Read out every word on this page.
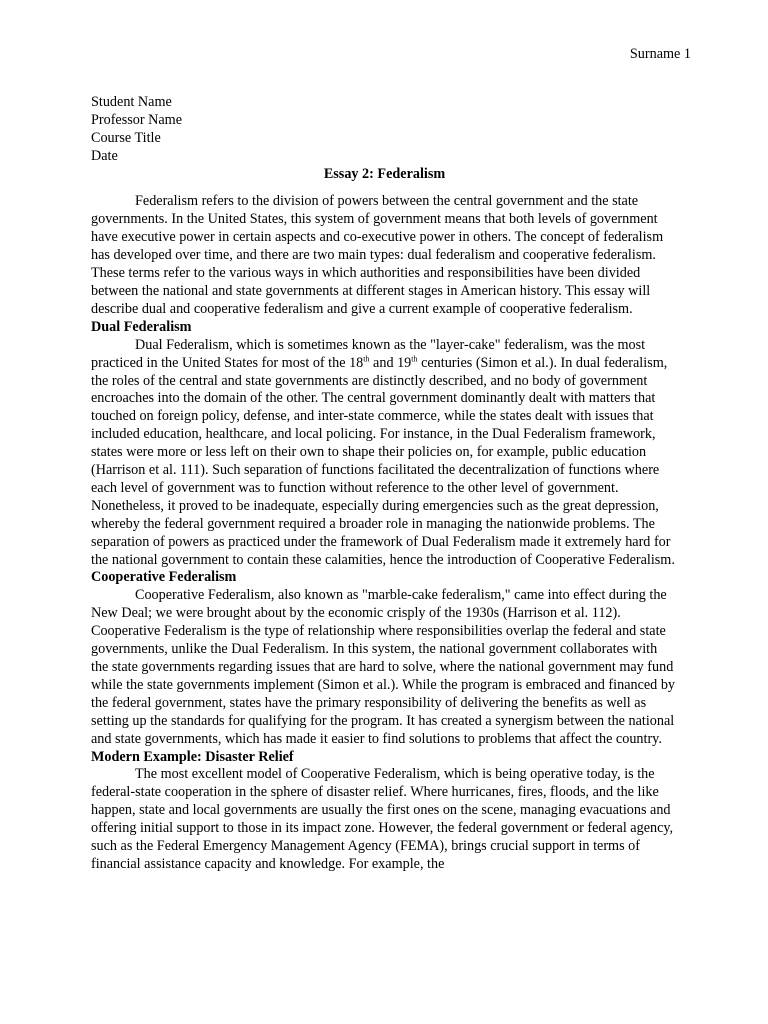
Surname 1
Student Name
Professor Name
Course Title
Date
Essay 2: Federalism

Federalism refers to the division of powers between the central government and the state governments. In the United States, this system of government means that both levels of government have executive power in certain aspects and co-executive power in others. The concept of federalism has developed over time, and there are two main types: dual federalism and cooperative federalism. These terms refer to the various ways in which authorities and responsibilities have been divided between the national and state governments at different stages in American history. This essay will describe dual and cooperative federalism and give a current example of cooperative federalism.

Dual Federalism

Dual Federalism, which is sometimes known as the "layer-cake" federalism, was the most practiced in the United States for most of the 18th and 19th centuries (Simon et al.). In dual federalism, the roles of the central and state governments are distinctly described, and no body of government encroaches into the domain of the other. The central government dominantly dealt with matters that touched on foreign policy, defense, and inter-state commerce, while the states dealt with issues that included education, healthcare, and local policing. For instance, in the Dual Federalism framework, states were more or less left on their own to shape their policies on, for example, public education (Harrison et al. 111). Such separation of functions facilitated the decentralization of functions where each level of government was to function without reference to the other level of government. Nonetheless, it proved to be inadequate, especially during emergencies such as the great depression, whereby the federal government required a broader role in managing the nationwide problems. The separation of powers as practiced under the framework of Dual Federalism made it extremely hard for the national government to contain these calamities, hence the introduction of Cooperative Federalism.

Cooperative Federalism

Cooperative Federalism, also known as "marble-cake federalism," came into effect during the New Deal; we were brought about by the economic crisply of the 1930s (Harrison et al. 112). Cooperative Federalism is the type of relationship where responsibilities overlap the federal and state governments, unlike the Dual Federalism. In this system, the national government collaborates with the state governments regarding issues that are hard to solve, where the national government may fund while the state governments implement (Simon et al.). While the program is embraced and financed by the federal government, states have the primary responsibility of delivering the benefits as well as setting up the standards for qualifying for the program. It has created a synergism between the national and state governments, which has made it easier to find solutions to problems that affect the country.

Modern Example: Disaster Relief

The most excellent model of Cooperative Federalism, which is being operative today, is the federal-state cooperation in the sphere of disaster relief. Where hurricanes, fires, floods, and the like happen, state and local governments are usually the first ones on the scene, managing evacuations and offering initial support to those in its impact zone. However, the federal government or federal agency, such as the Federal Emergency Management Agency (FEMA), brings crucial support in terms of financial assistance capacity and knowledge. For example, the
